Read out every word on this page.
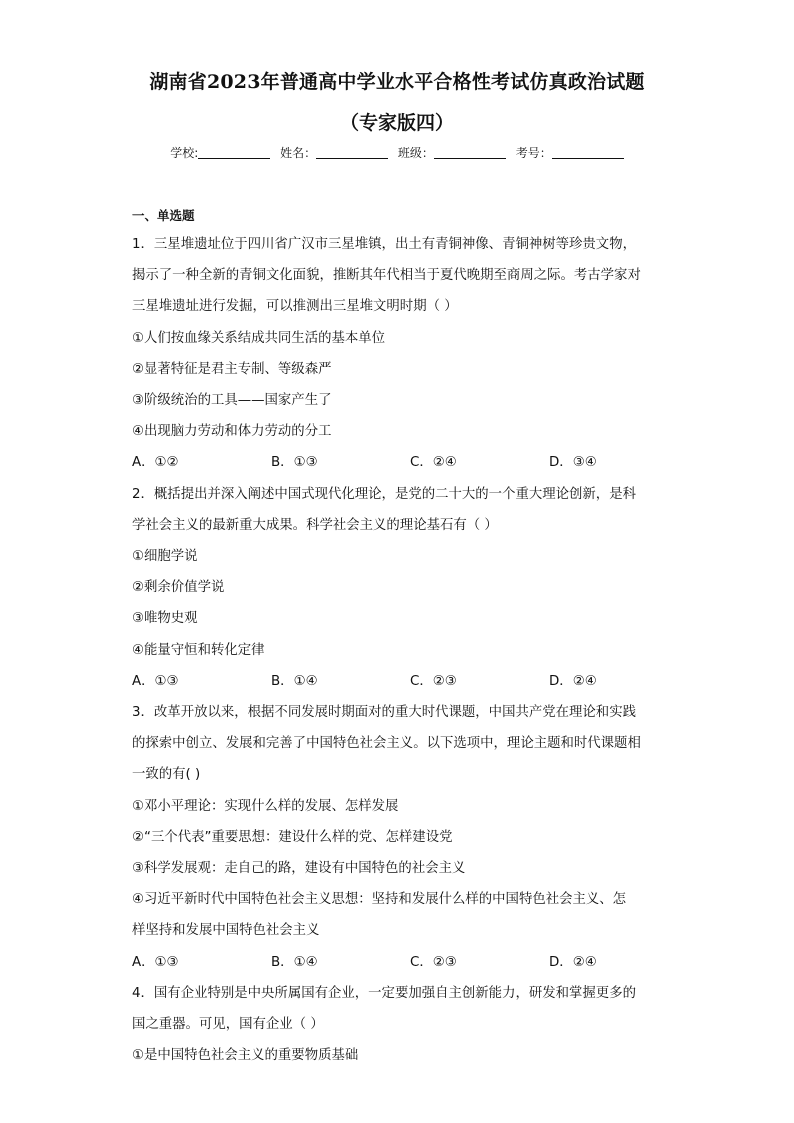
湖南省2023年普通高中学业水平合格性考试仿真政治试题
（专家版四）
学校:	姓名：	班级：	考号：
一、单选题
1．三星堆遗址位于四川省广汉市三星堆镇，出土有青铜神像、青铜神树等珍贵文物，
揭示了一种全新的青铜文化面貌，推断其年代相当于夏代晚期至商周之际。考古学家对
三星堆遗址进行发掘，可以推测出三星堆文明时期（ ）
①人们按血缘关系结成共同生活的基本单位
②显著特征是君主专制、等级森严
③阶级统治的工具——国家产生了
④出现脑力劳动和体力劳动的分工
A．①②	B．①③	C．②④	D．③④
2．概括提出并深入阐述中国式现代化理论，是党的二十大的一个重大理论创新，是科
学社会主义的最新重大成果。科学社会主义的理论基石有（ ）
①细胞学说
②剩余价值学说
③唯物史观
④能量守恒和转化定律
A．①③	B．①④	C．②③	D．②④
3．改革开放以来，根据不同发展时期面对的重大时代课题，中国共产党在理论和实践
的探索中创立、发展和完善了中国特色社会主义。以下选项中，理论主题和时代课题相
一致的有( )
①邓小平理论：实现什么样的发展、怎样发展
②“三个代表”重要思想：建设什么样的党、怎样建设党
③科学发展观：走自己的路，建设有中国特色的社会主义
④习近平新时代中国特色社会主义思想：坚持和发展什么样的中国特色社会主义、怎
样坚持和发展中国特色社会主义
A．①③	B．①④	C．②③	D．②④
4．国有企业特别是中央所属国有企业，一定要加强自主创新能力，研发和掌握更多的
国之重器。可见，国有企业（ ）
①是中国特色社会主义的重要物质基础
